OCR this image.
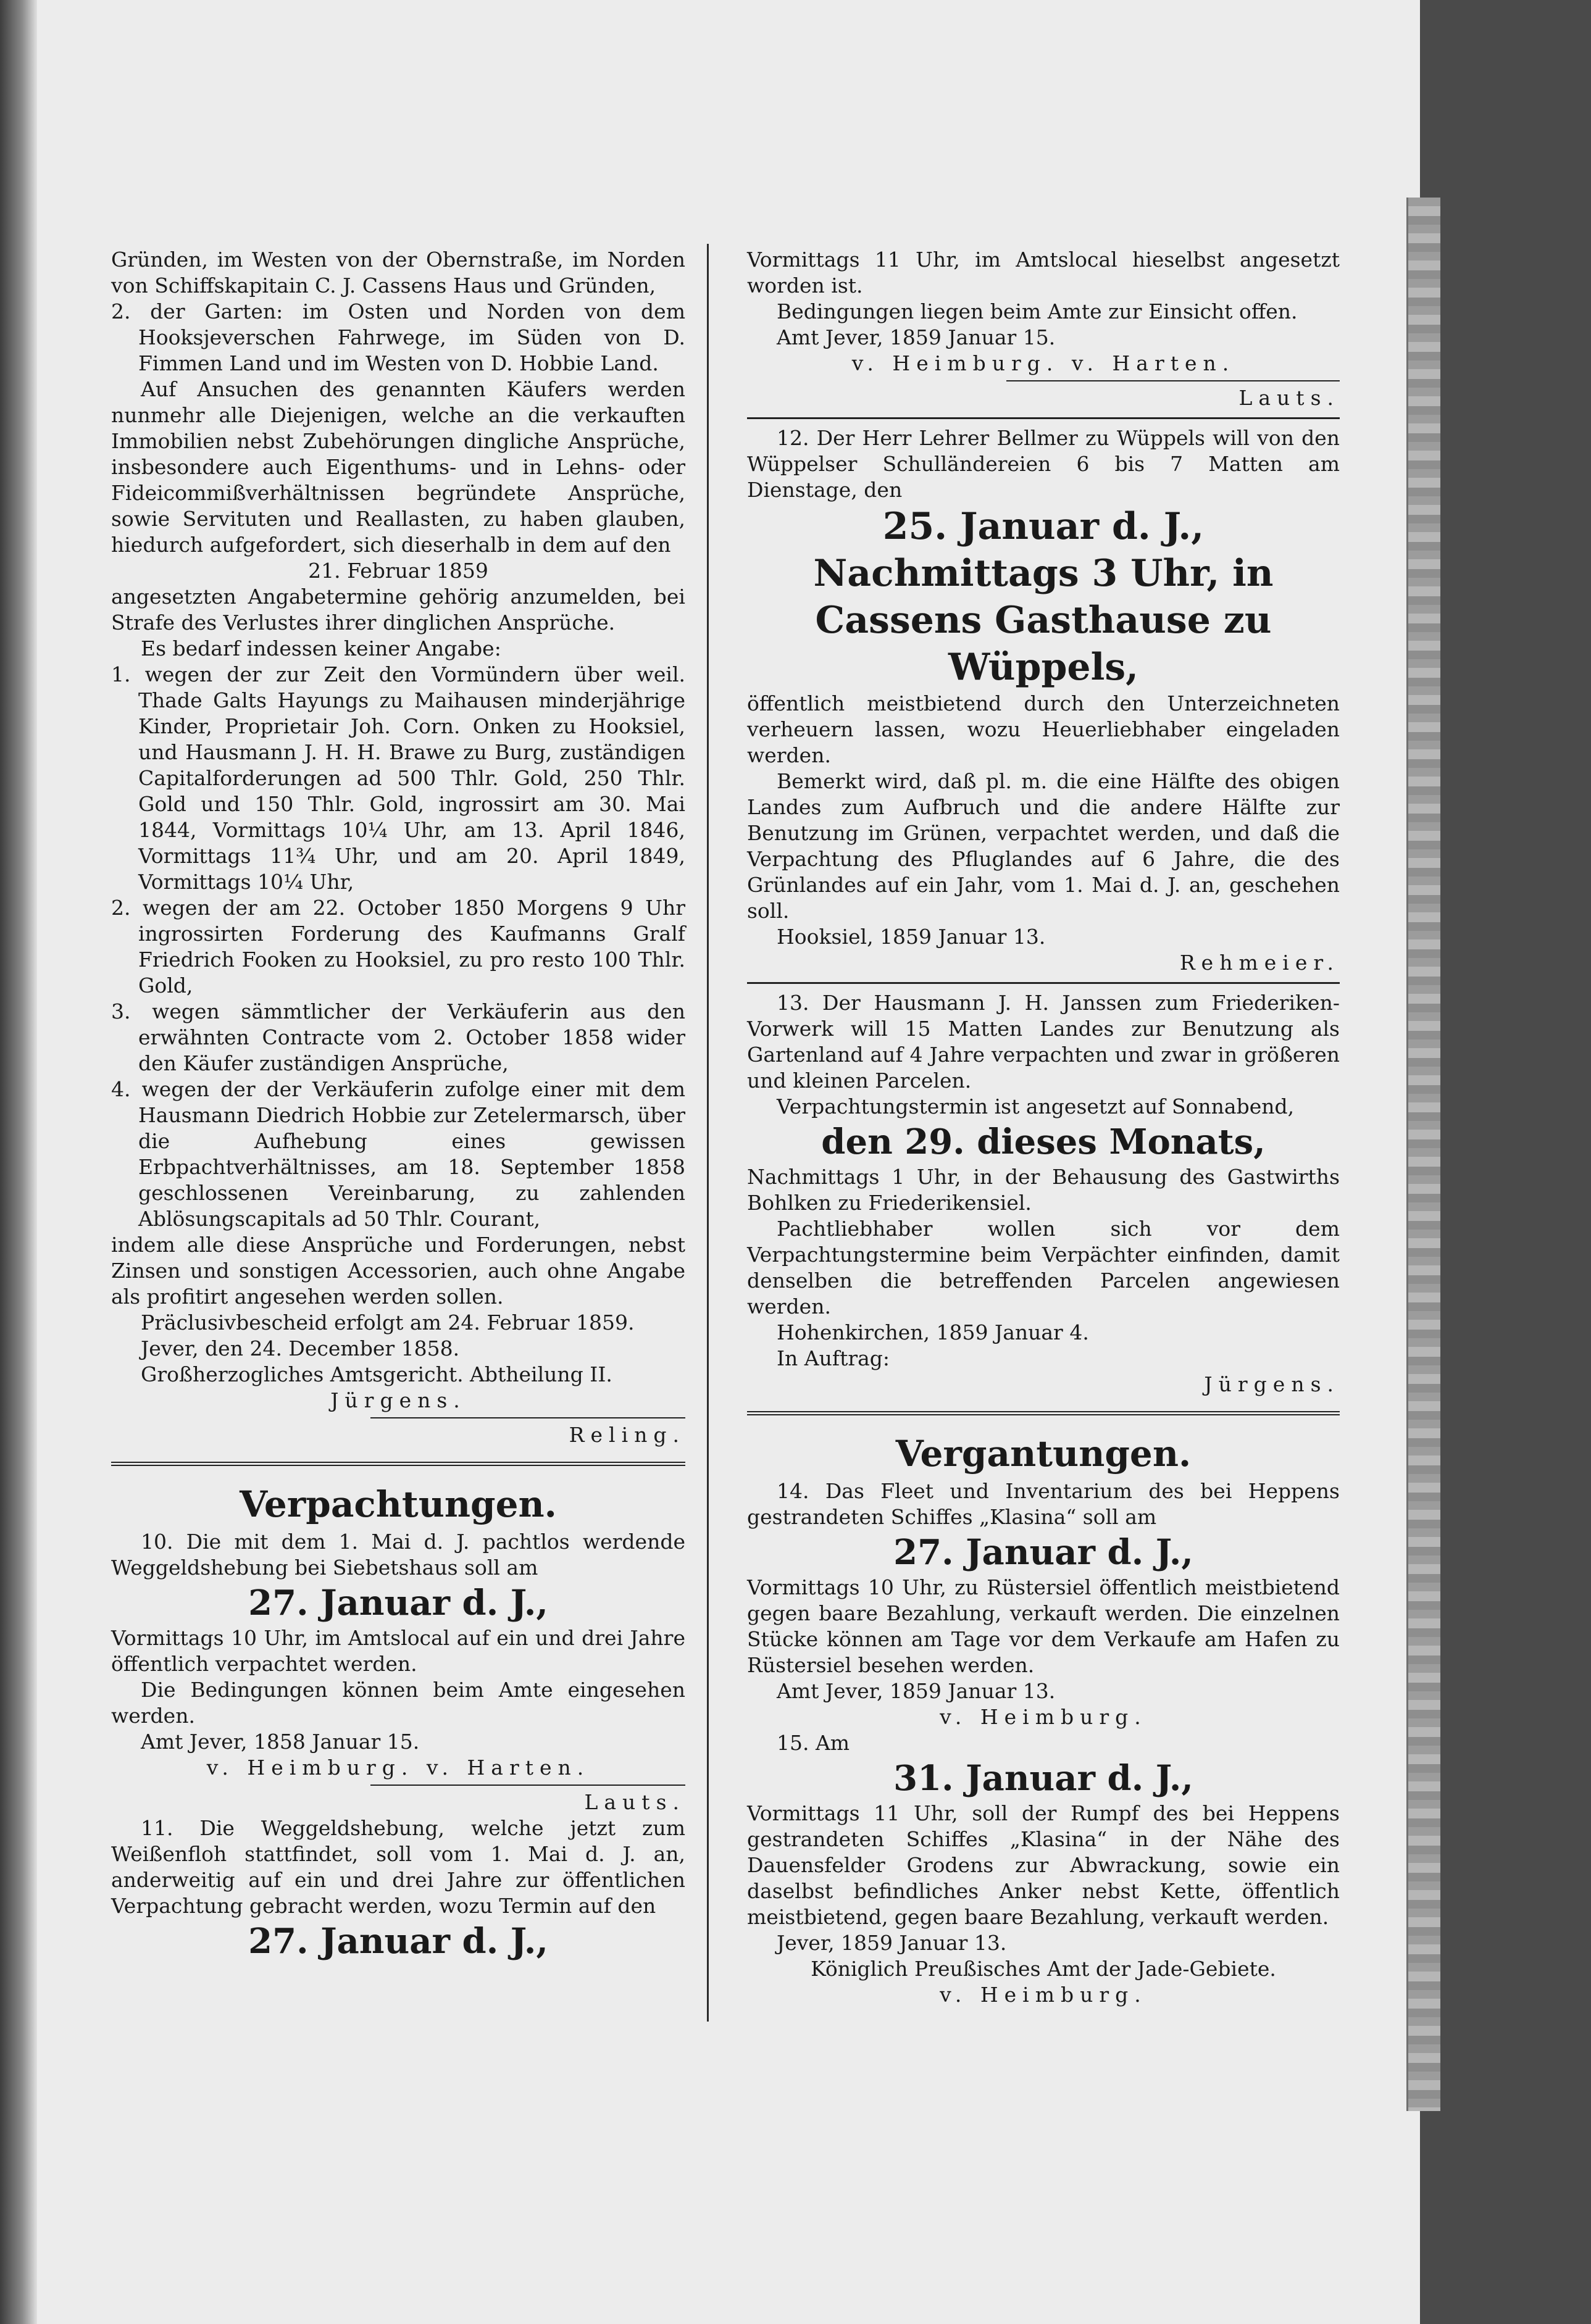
Gründen, im Westen von der Obernstraße, im Norden von Schiffskapitain C. J. Cassens Haus und Gründen,

2. der Garten: im Osten und Norden von dem Hooksjeverschen Fahrwege, im Süden von D. Fimmen Land und im Westen von D. Hobbie Land.

Auf Ansuchen des genannten Käufers werden nunmehr alle Diejenigen, welche an die verkauften Immobilien nebst Zubehörungen dingliche Ansprüche, insbesondere auch Eigenthums- und in Lehns- oder Fideicommißverhältnissen begründete Ansprüche, sowie Servituten und Reallasten, zu haben glauben, hiedurch aufgefordert, sich dieserhalb in dem auf den

21. Februar 1859

angesetzten Angabetermine gehörig anzumelden, bei Strafe des Verlustes ihrer dinglichen Ansprüche.

Es bedarf indessen keiner Angabe:

1. wegen der zur Zeit den Vormündern über weil. Thade Galts Hayungs zu Maihausen minderjährige Kinder, Proprietair Joh. Corn. Onken zu Hooksiel, und Hausmann J. H. H. Brawe zu Burg, zuständigen Capitalforderungen ad 500 Thlr. Gold, 250 Thlr. Gold und 150 Thlr. Gold, ingrossirt am 30. Mai 1844, Vormittags 10¼ Uhr, am 13. April 1846, Vormittags 11¾ Uhr, und am 20. April 1849, Vormittags 10¼ Uhr,

2. wegen der am 22. October 1850 Morgens 9 Uhr ingrossirten Forderung des Kaufmanns Gralf Friedrich Fooken zu Hooksiel, zu pro resto 100 Thlr. Gold,

3. wegen sämmtlicher der Verkäuferin aus den erwähnten Contracte vom 2. October 1858 wider den Käufer zuständigen Ansprüche,

4. wegen der der Verkäuferin zufolge einer mit dem Hausmann Diedrich Hobbie zur Zetelermarsch, über die Aufhebung eines gewissen Erbpachtverhältnisses, am 18. September 1858 geschlossenen Vereinbarung, zu zahlenden Ablösungscapitals ad 50 Thlr. Courant,

indem alle diese Ansprüche und Forderungen, nebst Zinsen und sonstigen Accessorien, auch ohne Angabe als profitirt angesehen werden sollen.

Präclusivbescheid erfolgt am 24. Februar 1859.

Jever, den 24. December 1858.

Großherzogliches Amtsgericht. Abtheilung II.

Jürgens.

Reling.

Verpachtungen.

10. Die mit dem 1. Mai d. J. pachtlos werdende Weggeldshebung bei Siebetshaus soll am

27. Januar d. J.,

Vormittags 10 Uhr, im Amtslocal auf ein und drei Jahre öffentlich verpachtet werden.

Die Bedingungen können beim Amte eingesehen werden.

Amt Jever, 1858 Januar 15.

v. Heimburg. v. Harten.

Lauts.

11. Die Weggeldshebung, welche jetzt zum Weißenfloh stattfindet, soll vom 1. Mai d. J. an, anderweitig auf ein und drei Jahre zur öffentlichen Verpachtung gebracht werden, wozu Termin auf den

27. Januar d. J.,

Vormittags 11 Uhr, im Amtslocal hieselbst angesetzt worden ist.

Bedingungen liegen beim Amte zur Einsicht offen.

Amt Jever, 1859 Januar 15.

v. Heimburg. v. Harten.

Lauts.

12. Der Herr Lehrer Bellmer zu Wüppels will von den Wüppelser Schulländereien 6 bis 7 Matten am Dienstage, den

25. Januar d. J., Nachmittags 3 Uhr, in Cassens Gasthause zu Wüppels,

öffentlich meistbietend durch den Unterzeichneten verheuern lassen, wozu Heuerliebhaber eingeladen werden.

Bemerkt wird, daß pl. m. die eine Hälfte des obigen Landes zum Aufbruch und die andere Hälfte zur Benutzung im Grünen, verpachtet werden, und daß die Verpachtung des Pfluglandes auf 6 Jahre, die des Grünlandes auf ein Jahr, vom 1. Mai d. J. an, geschehen soll.

Hooksiel, 1859 Januar 13.

Rehmeier.

13. Der Hausmann J. H. Janssen zum Friederiken-Vorwerk will 15 Matten Landes zur Benutzung als Gartenland auf 4 Jahre verpachten und zwar in größeren und kleinen Parcelen.

Verpachtungstermin ist angesetzt auf Sonnabend,

den 29. dieses Monats,

Nachmittags 1 Uhr, in der Behausung des Gastwirths Bohlken zu Friederikensiel.

Pachtliebhaber wollen sich vor dem Verpachtungstermine beim Verpächter einfinden, damit denselben die betreffenden Parcelen angewiesen werden.

Hohenkirchen, 1859 Januar 4.

In Auftrag:

Jürgens.

Vergantungen.

14. Das Fleet und Inventarium des bei Heppens gestrandeten Schiffes „Klasina“ soll am

27. Januar d. J.,

Vormittags 10 Uhr, zu Rüstersiel öffentlich meistbietend gegen baare Bezahlung, verkauft werden. Die einzelnen Stücke können am Tage vor dem Verkaufe am Hafen zu Rüstersiel besehen werden.

Amt Jever, 1859 Januar 13.

v. Heimburg.

15. Am

31. Januar d. J.,

Vormittags 11 Uhr, soll der Rumpf des bei Heppens gestrandeten Schiffes „Klasina“ in der Nähe des Dauensfelder Grodens zur Abwrackung, sowie ein daselbst befindliches Anker nebst Kette, öffentlich meistbietend, gegen baare Bezahlung, verkauft werden.

Jever, 1859 Januar 13.

Königlich Preußisches Amt der Jade-Gebiete.

v. Heimburg.
